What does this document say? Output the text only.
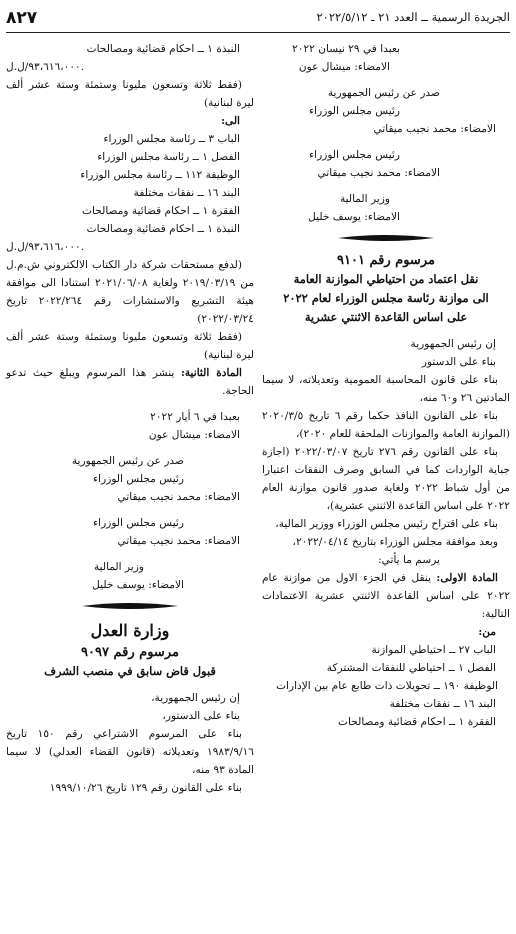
الجريدة الرسمية ــ العدد ٢١ ـ ٢٠٢٢/٥/١٢
٨٢٧
بعبدا في ٢٩ نيسان ٢٠٢٢
الامضاء: ميشال عون
صدر عن رئيس الجمهورية
رئيس مجلس الوزراء
الامضاء: محمد نجيب ميقاتي
رئيس مجلس الوزراء
الامضاء: محمد نجيب ميقاتي
وزير المالية
الامضاء: يوسف خليل
مرسوم رقم ٩١٠١
نقل اعتماد من احتياطي الموازنة العامة
الى موازنة رئاسة مجلس الوزراء لعام ٢٠٢٢
على اساس القاعدة الاثنتي عشرية
إن رئيس الجمهورية
بناء على الدستور

بناء على قانون المحاسبة العمومية وتعديلاته، لا سيما المادتين ٢٦ و٦٠ منه،

بناء على القانون النافذ حكما رقم ٦ تاريخ ٢٠٢٠/٣/٥ (الموازنة العامة والموازنات الملحقة للعام ٢٠٢٠)،

بناء على القانون رقم ٢٧٦ تاريخ ٢٠٢٢/٠٣/٠٧ (اجازة جباية الواردات كما في السابق وصرف النفقات اعتبارا من أول شباط ٢٠٢٢ ولغاية صدور قانون موازنة العام ٢٠٢٢ على اساس القاعدة الاثنتي عشرية)،

بناء على اقتراح رئيس مجلس الوزراء ووزير المالية،

وبعد موافقة مجلس الوزراء بتاريخ ٢٠٢٢/٠٤/١٤،

يرسم ما يأتي:

المادة الاولى: ينقل في الجزء الاول من موازنة عام ٢٠٢٢ على اساس القاعدة الاثنتي عشرية الاعتمادات التالية:

من:
الباب ٢٧ ــ احتياطي الموازنة
الفصل ١ ــ احتياطي للنفقات المشتركة

الوظيفة ١٩٠ ــ تحويلات ذات طابع عام بين الإدارات

البند ١٦ ــ نفقات مختلفة
الفقرة ١ ــ احكام قضائية ومصالحات
النبذة ١ ــ احكام قضائية ومصالحات
٩٣،٦١٦،٠٠٠/ل.ل.

(فقط ثلاثة وتسعون مليونا وستمئة وستة عشر ألف ليرة لبنانية)

الى:
الباب ٣ ــ رئاسة مجلس الوزراء
الفصل ١ ــ رئاسة مجلس الوزراء
الوظيفة ١١٢ ــ رئاسة مجلس الوزراء
البند ١٦ ــ نفقات مختلفة
الفقرة ١ ــ احكام قضائية ومصالحات
النبذة ١ ــ احكام قضائية ومصالحات
٩٣،٦١٦،٠٠٠/ل.ل.

(لدفع مستحقات شركة دار الكتاب الالكتروني ش.م.ل من ٢٠١٩/٠٣/١٩ ولغاية ٢٠٢١/٠٦/٠٨ استنادا الى موافقة هيئة التشريع والاستشارات رقم ٢٠٢٢/٢٦٤ تاريخ ٢٠٢٢/٠٣/٢٤)

(فقط ثلاثة وتسعون مليونا وستمئة وستة عشر ألف ليرة لبنانية)

المادة الثانية: ينشر هذا المرسوم ويبلغ حيث تدعو الحاجة.

بعبدا في ٦ أيار ٢٠٢٢
الامضاء: ميشال عون
صدر عن رئيس الجمهورية
رئيس مجلس الوزراء
الامضاء: محمد نجيب ميقاتي
رئيس مجلس الوزراء
الامضاء: محمد نجيب ميقاتي
وزير المالية
الامضاء: يوسف خليل
وزارة العدل
مرسوم رقم ٩٠٩٧
قبول قاض سابق في منصب الشرف
إن رئيس الجمهورية،
بناء على الدستور،

بناء على المرسوم الاشتراعي رقم ١٥٠ تاريخ ١٩٨٣/٩/١٦ وتعديلاته (قانون القضاء العدلي) لا سيما المادة ٩٣ منه،

بناء على القانون رقم ١٢٩ تاريخ ١٩٩٩/١٠/٢٦
